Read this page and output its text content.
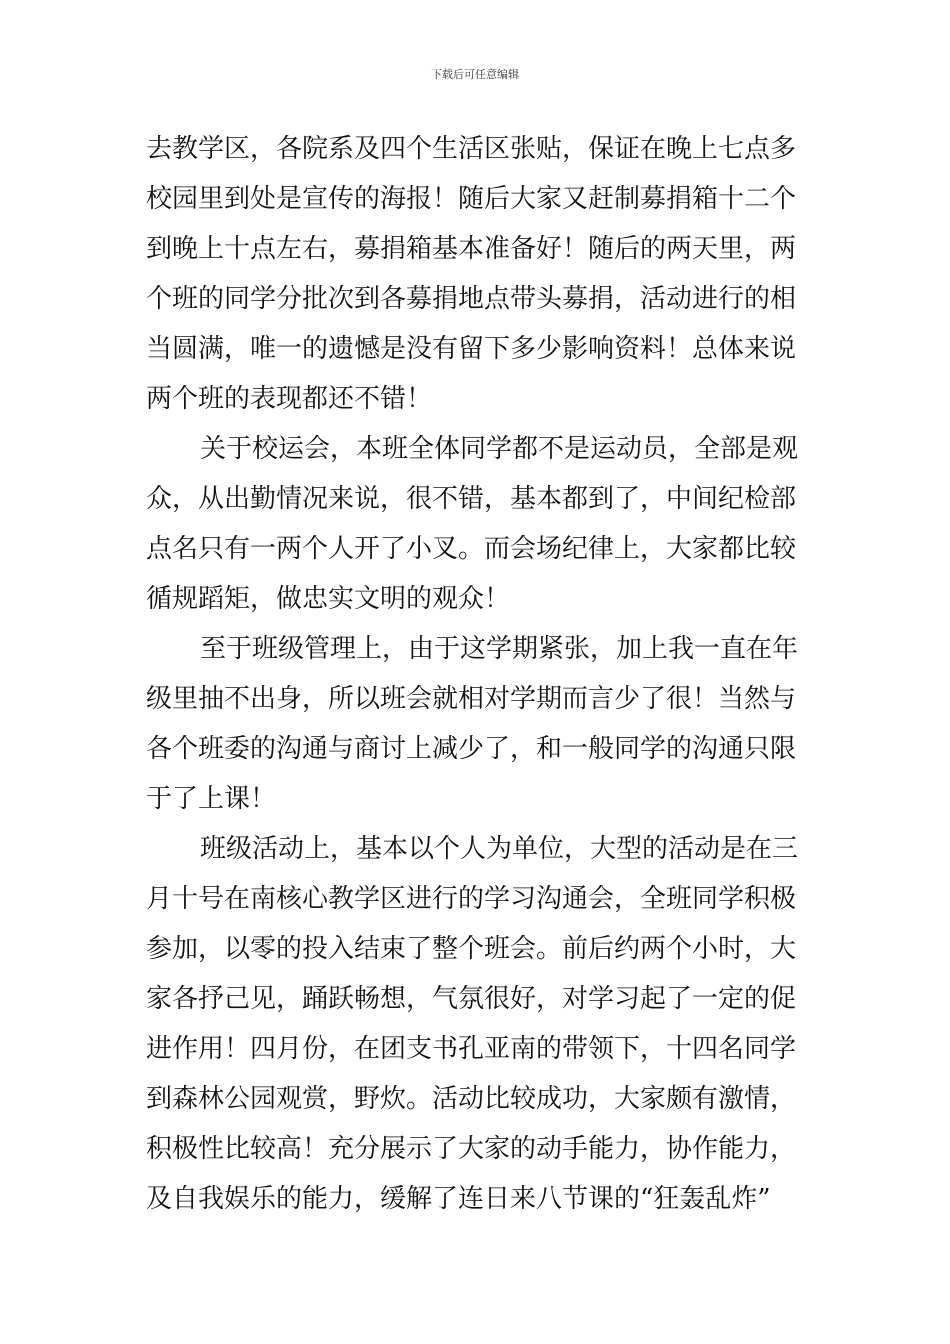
下载后可任意编辑

去教学区，各院系及四个生活区张贴，保证在晚上七点多
校园里到处是宣传的海报！随后大家又赶制募捐箱十二个
到晚上十点左右，募捐箱基本准备好！随后的两天里，两
个班的同学分批次到各募捐地点带头募捐，活动进行的相
当圆满，唯一的遗憾是没有留下多少影响资料！总体来说
两个班的表现都还不错！

关于校运会，本班全体同学都不是运动员，全部是观
众，从出勤情况来说，很不错，基本都到了，中间纪检部
点名只有一两个人开了小叉。而会场纪律上，大家都比较
循规蹈矩，做忠实文明的观众！

至于班级管理上，由于这学期紧张，加上我一直在年
级里抽不出身，所以班会就相对学期而言少了很！当然与
各个班委的沟通与商讨上减少了，和一般同学的沟通只限
于了上课！

班级活动上，基本以个人为单位，大型的活动是在三
月十号在南核心教学区进行的学习沟通会，全班同学积极
参加，以零的投入结束了整个班会。前后约两个小时，大
家各抒己见，踊跃畅想，气氛很好，对学习起了一定的促
进作用！四月份，在团支书孔亚南的带领下，十四名同学
到森林公园观赏，野炊。活动比较成功，大家颇有激情，
积极性比较高！充分展示了大家的动手能力，协作能力，
及自我娱乐的能力，缓解了连日来八节课的“狂轰乱炸”
